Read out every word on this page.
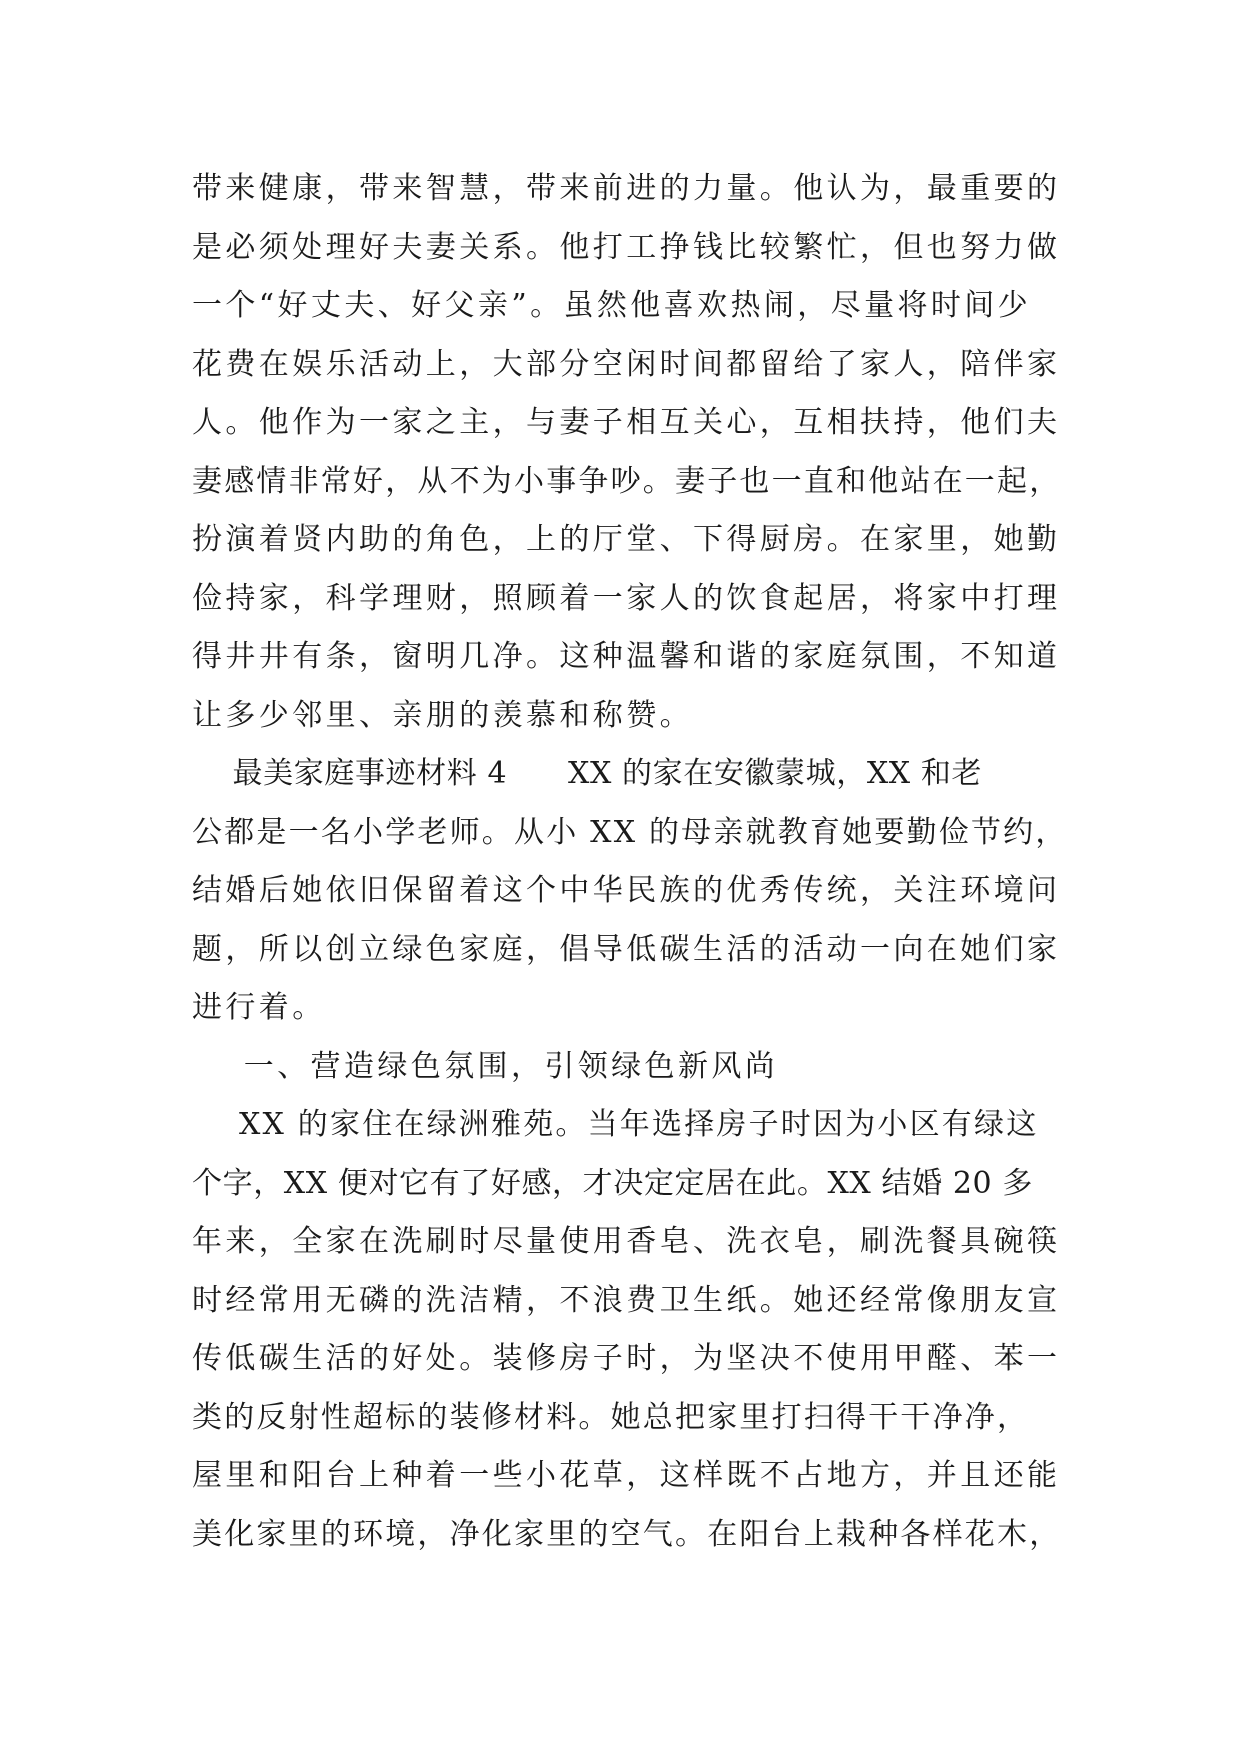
带来健康，带来智慧，带来前进的力量。他认为，最重要的
是必须处理好夫妻关系。他打工挣钱比较繁忙，但也努力做
一个“好丈夫、好父亲”。虽然他喜欢热闹，尽量将时间少
花费在娱乐活动上，大部分空闲时间都留给了家人，陪伴家
人。他作为一家之主，与妻子相互关心，互相扶持，他们夫
妻感情非常好，从不为小事争吵。妻子也一直和他站在一起，
扮演着贤内助的角色，上的厅堂、下得厨房。在家里，她勤
俭持家，科学理财，照顾着一家人的饮食起居，将家中打理
得井井有条，窗明几净。这种温馨和谐的家庭氛围，不知道
让多少邻里、亲朋的羡慕和称赞。
最美家庭事迹材料 4      XX 的家在安徽蒙城，XX 和老
公都是一名小学老师。从小 XX 的母亲就教育她要勤俭节约，
结婚后她依旧保留着这个中华民族的优秀传统，关注环境问
题，所以创立绿色家庭，倡导低碳生活的活动一向在她们家
进行着。
一、营造绿色氛围，引领绿色新风尚
XX 的家住在绿洲雅苑。当年选择房子时因为小区有绿这
个字，XX 便对它有了好感，才决定定居在此。XX 结婚 20 多
年来，全家在洗刷时尽量使用香皂、洗衣皂，刷洗餐具碗筷
时经常用无磷的洗洁精，不浪费卫生纸。她还经常像朋友宣
传低碳生活的好处。装修房子时，为坚决不使用甲醛、苯一
类的反射性超标的装修材料。她总把家里打扫得干干净净，
屋里和阳台上种着一些小花草，这样既不占地方，并且还能
美化家里的环境，净化家里的空气。在阳台上栽种各样花木，
